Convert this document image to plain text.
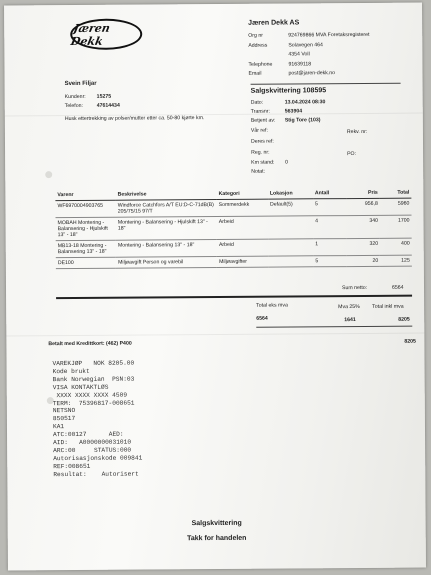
Jæren Dekk
Jæren Dekk AS
Org nr	924769866 MVA Foretaksregisteret
Address	Solavegen 464
4354 Voll
Telephone	91639118
Email	post@jaren-dekk.no
Svein Filjar
Kundenr: 15275
Telefon:	47614434
Husk ettertrekking av polser/mutter etter ca. 50-80 kjørte km.
Salgskvittering 108595
Dato:	13.04.2024 08:30
Transnr:	563904
Betjent av: Stig Tore (103)
Vår ref:	Rekv. nr:
Deres ref:
Reg. nr:	PO:
Km stand: 0
Notat:
Varenr	Beskrivelse	Kategori	Lokasjon	Antall	Pris	Total
WF6970004903765	Windforce Catchfors A/T EU:D-C-71dB(B) 205/75/15 97/T	Sommerdekk	Default(5)	5	956,8	5960
MOBAH Montering - Balansering - Hjulskift 13" - 18"	Montering - Balansering - Hjulskift 13" - 18"	Arbeid		4	340	1700
MB13-18 Montering - Balansering 13" - 18"	Montering - Balansering 13" - 18"	Arbeid		1	320	400
DE100	Miljøavgift Person og varebil	Miljøavgifter		5	20	125
Sum netto:	6564
Total eks mva
6564
Mva 25%
1641
Total inkl mva
8205
Betalt med Kredittkort: (462) P400	8205
VAREKJØP   NOK 8205.00
Kode brukt
Bank Norwegian  PSN:03
VISA KONTAKTLØS
XXXX XXXX XXXX 4509
TERM:  75396817-008651
NETSNO
850517
KA1
ATC:00127      AED:
AID:   A0000000031010
ARC:00     STATUS:000
Autorisasjonskode 009841
REF:008651
Resultat:    Autorisert
Salgskvittering
Takk for handelen
